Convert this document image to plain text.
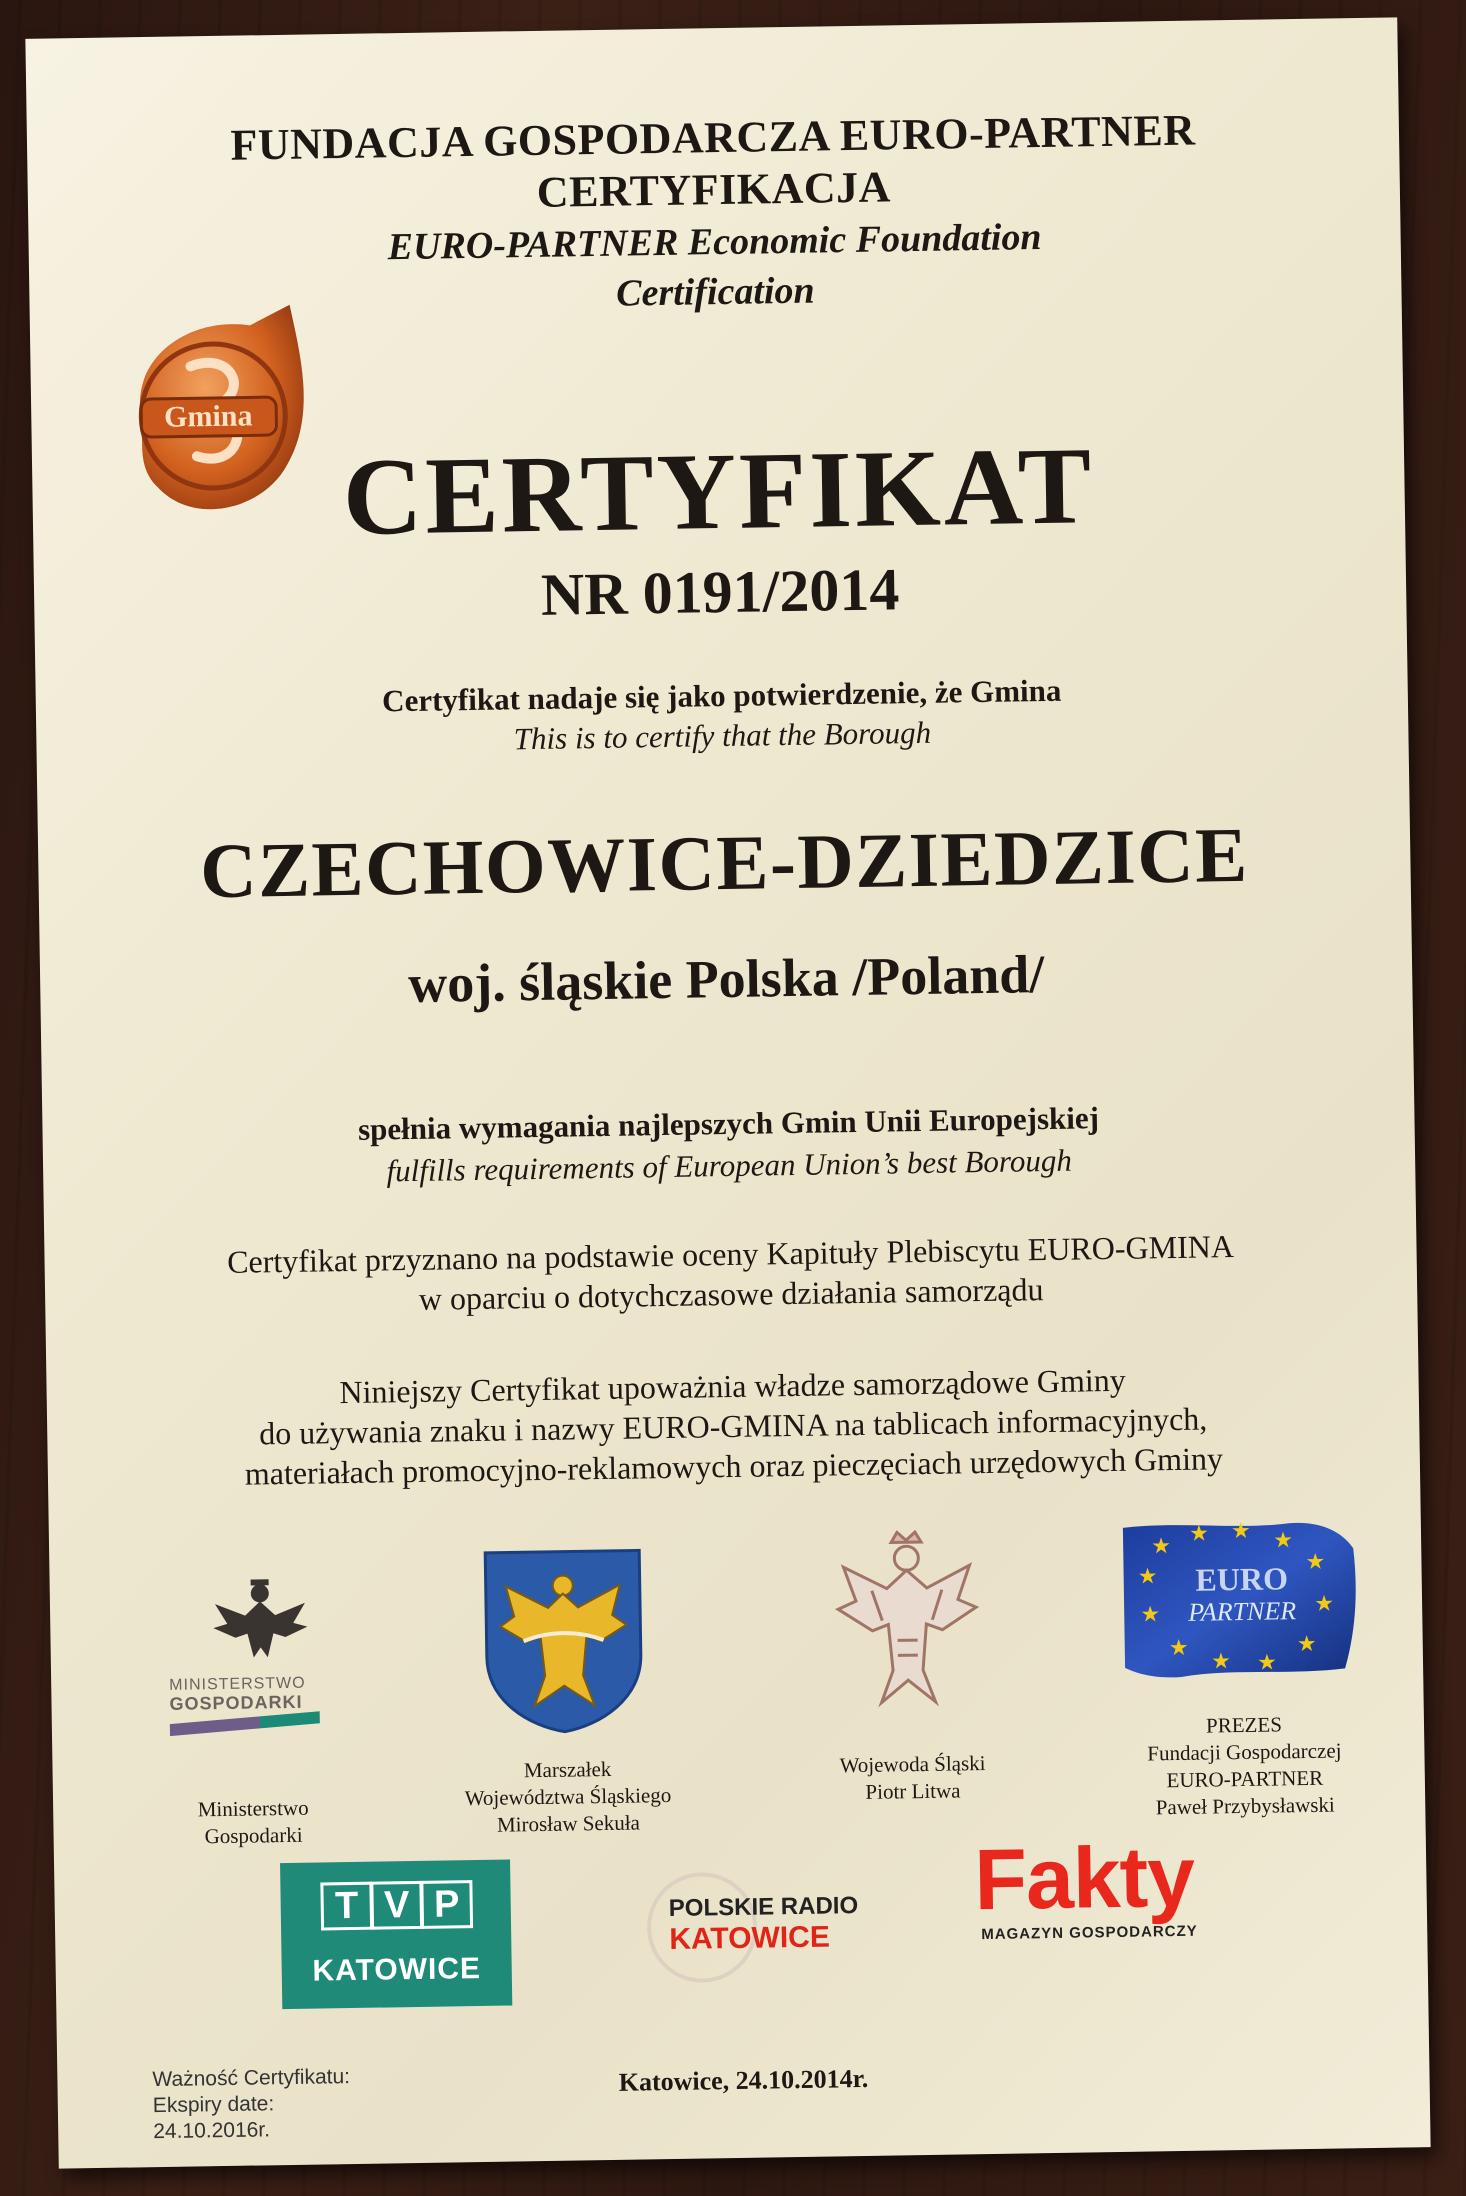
FUNDACJA GOSPODARCZA EURO-PARTNER
CERTYFIKACJA
EURO-PARTNER Economic Foundation
Certification
Gmina
CERTYFIKAT
NR 0191/2014
Certyfikat nadaje się jako potwierdzenie, że Gmina
This is to certify that the Borough
CZECHOWICE-DZIEDZICE
woj. śląskie Polska /Poland/
spełnia wymagania najlepszych Gmin Unii Europejskiej
fulfills requirements of European Union’s best Borough
Certyfikat przyznano na podstawie oceny Kapituły Plebiscytu EURO-GMINA
w oparciu o dotychczasowe działania samorządu
Niniejszy Certyfikat upoważnia władze samorządowe Gminy
do używania znaku i nazwy EURO-GMINA na tablicach informacyjnych,
materiałach promocyjno-reklamowych oraz pieczęciach urzędowych Gminy
MINISTERSTWO
GOSPODARKI
Ministerstwo
Gospodarki
Marszałek
Województwa Śląskiego
Mirosław Sekuła
Wojewoda Śląski
Piotr Litwa
★ ★ ★ ★
★
★
★
★
★
★
★
★ EURO
PARTNER
PREZES
Fundacji Gospodarczej
EURO-PARTNER
Paweł Przybysławski
T V P
KATOWICE
POLSKIE RADIO
KATOWICE
Fakty
MAGAZYN GOSPODARCZY
Ważność Certyfikatu:
Ekspiry date:
24.10.2016r.
Katowice, 24.10.2014r.
